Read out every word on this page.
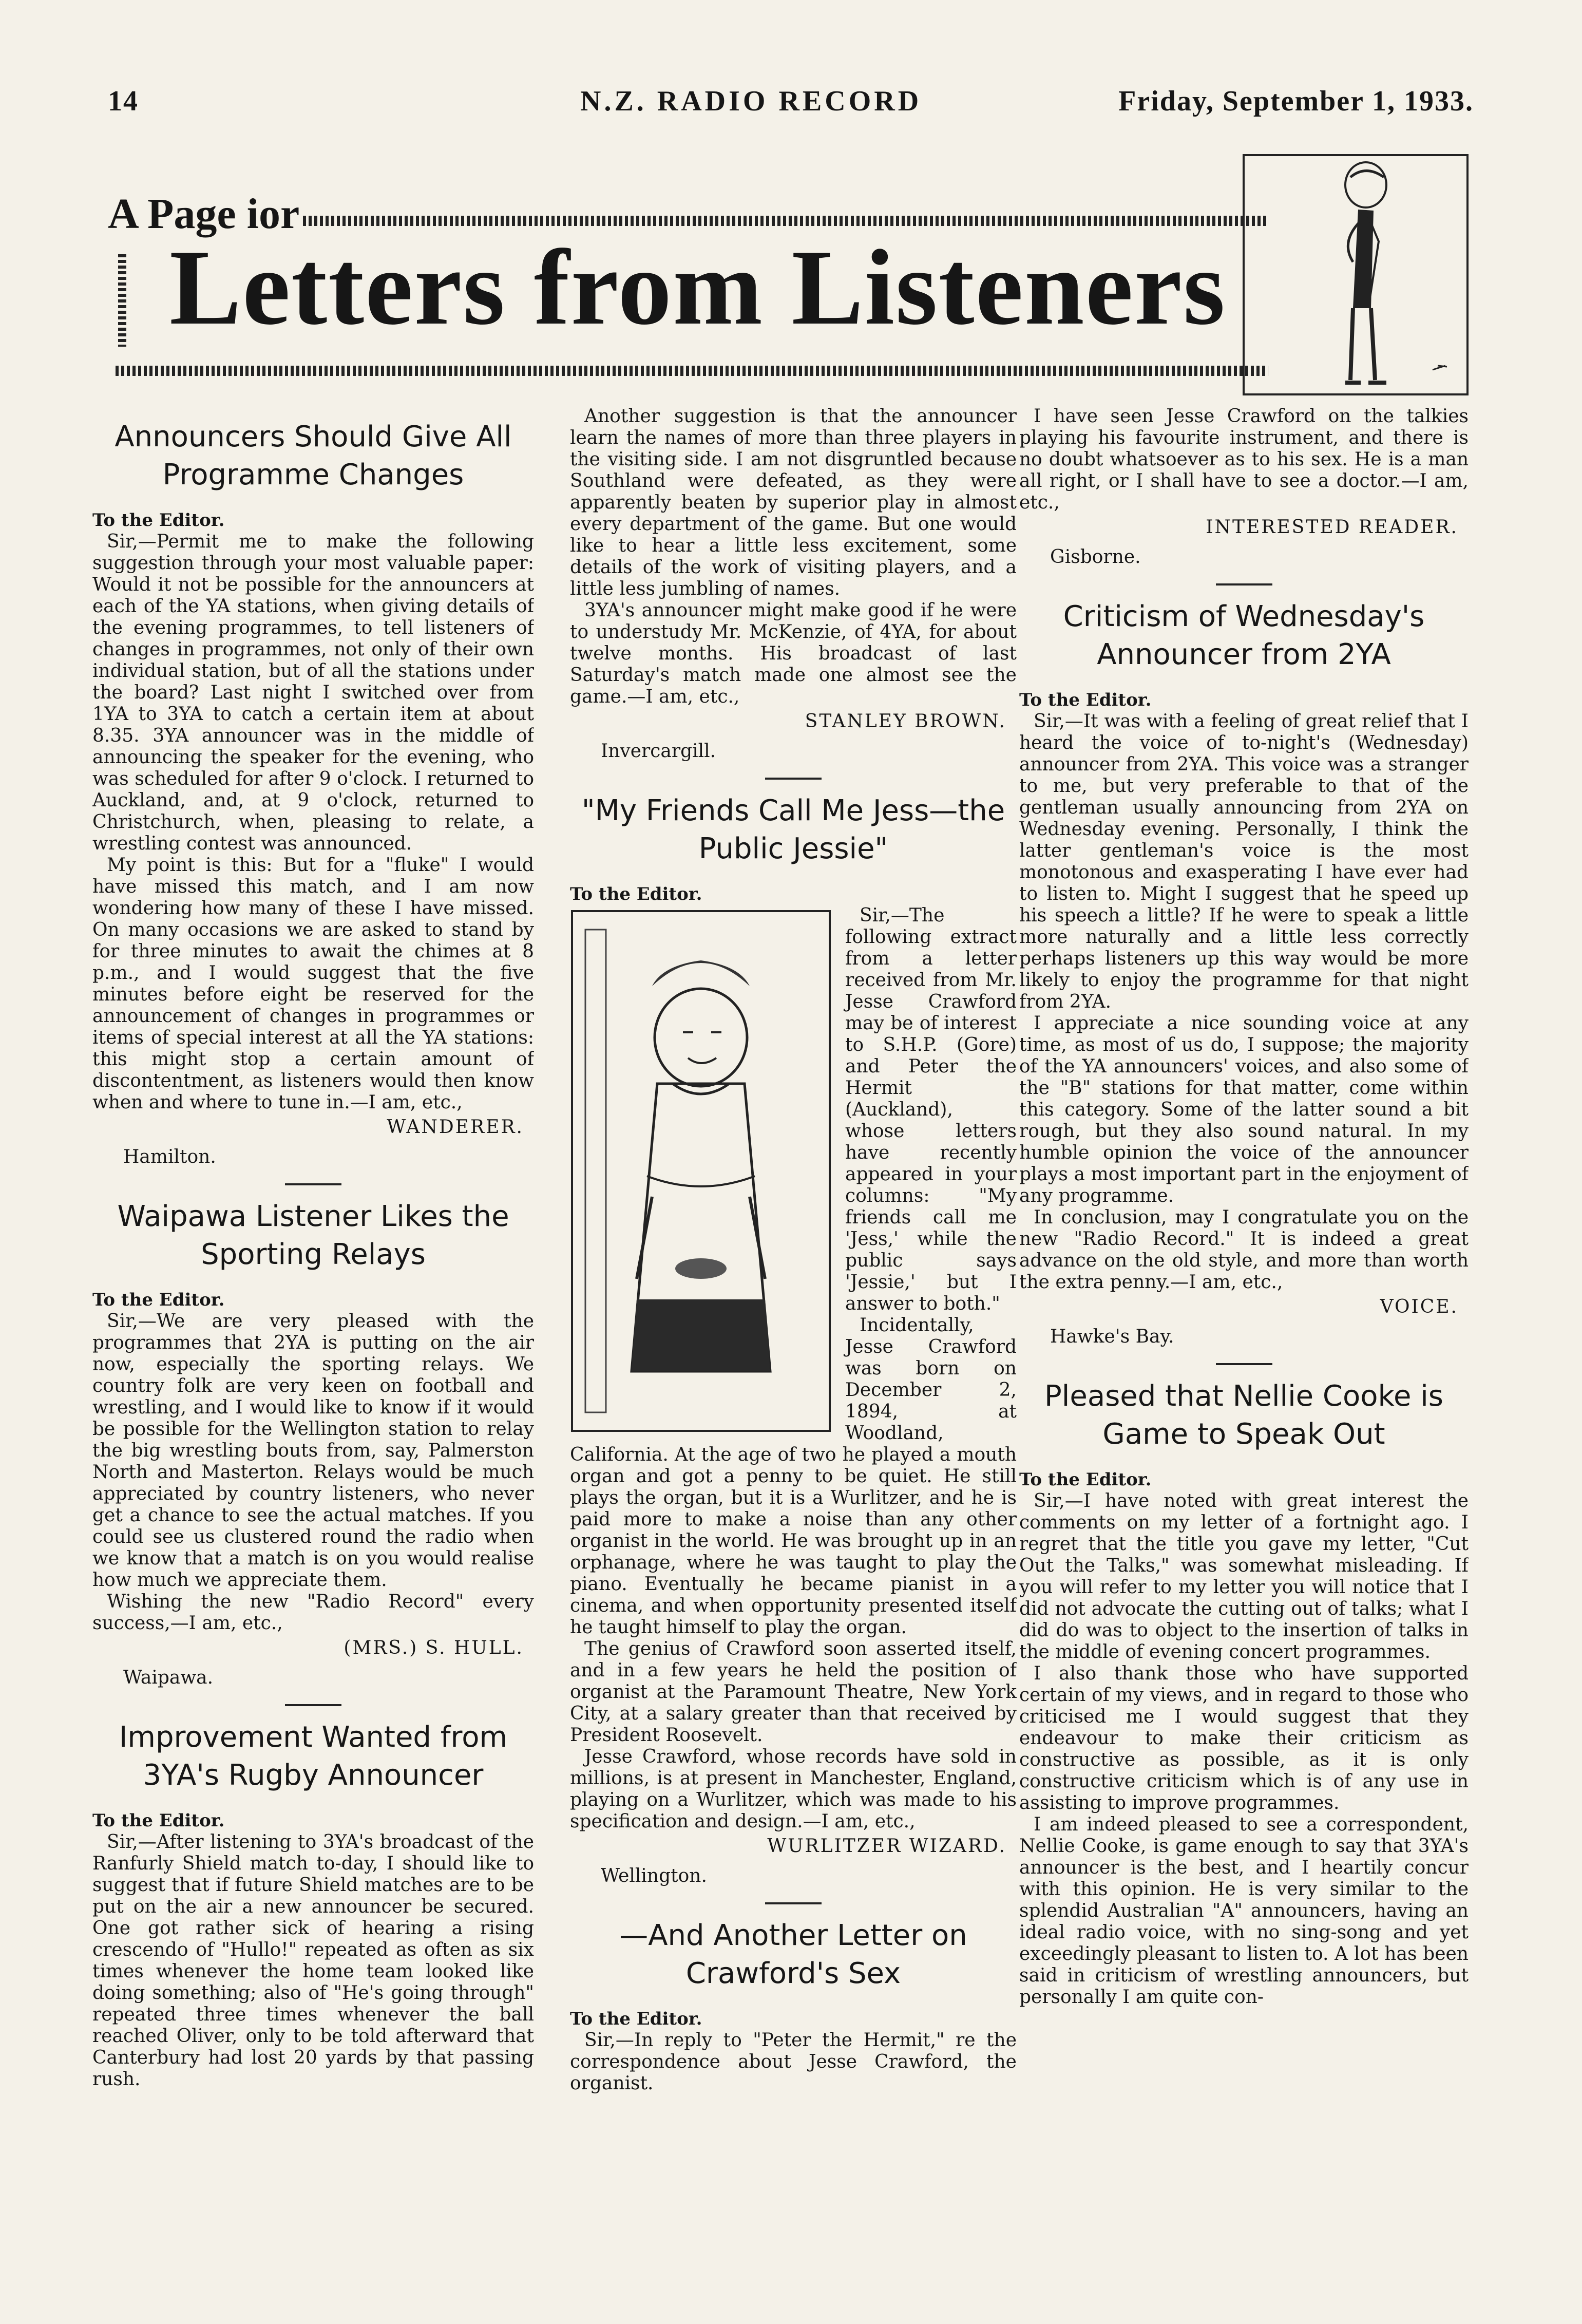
14	N.Z. RADIO RECORD	Friday, September 1, 1933.
A Page ior
Letters from Listeners
Announcers Should Give All Programme Changes

To the Editor.

Sir,—Permit me to make the following suggestion through your most valuable paper: Would it not be possible for the announcers at each of the YA stations, when giving details of the evening programmes, to tell listeners of changes in programmes, not only of their own individual station, but of all the stations under the board? Last night I switched over from 1YA to 3YA to catch a certain item at about 8.35. 3YA announcer was in the middle of announcing the speaker for the evening, who was scheduled for after 9 o'clock. I returned to Auckland, and, at 9 o'clock, returned to Christchurch, when, pleasing to relate, a wrestling contest was announced.

My point is this: But for a "fluke" I would have missed this match, and I am now wondering how many of these I have missed. On many occasions we are asked to stand by for three minutes to await the chimes at 8 p.m., and I would suggest that the five minutes before eight be reserved for the announcement of changes in programmes or items of special interest at all the YA stations: this might stop a certain amount of discontentment, as listeners would then know when and where to tune in.—I am, etc.,

WANDERER.
Hamilton.
Waipawa Listener Likes the Sporting Relays

To the Editor.

Sir,—We are very pleased with the programmes that 2YA is putting on the air now, especially the sporting relays. We country folk are very keen on football and wrestling, and I would like to know if it would be possible for the Wellington station to relay the big wrestling bouts from, say, Palmerston North and Masterton. Relays would be much appreciated by country listeners, who never get a chance to see the actual matches. If you could see us clustered round the radio when we know that a match is on you would realise how much we appreciate them.

Wishing the new "Radio Record" every success,—I am, etc.,

(MRS.) S. HULL.
Waipawa.
Improvement Wanted from 3YA's Rugby Announcer

To the Editor.

Sir,—After listening to 3YA's broadcast of the Ranfurly Shield match to-day, I should like to suggest that if future Shield matches are to be put on the air a new announcer be secured. One got rather sick of hearing a rising crescendo of "Hullo!" repeated as often as six times whenever the home team looked like doing something; also of "He's going through" repeated three times whenever the ball reached Oliver, only to be told afterward that Canterbury had lost 20 yards by that passing rush.

Another suggestion is that the announcer learn the names of more than three players in the visiting side. I am not disgruntled because Southland were defeated, as they were apparently beaten by superior play in almost every department of the game. But one would like to hear a little less excitement, some details of the work of visiting players, and a little less jumbling of names.

3YA's announcer might make good if he were to understudy Mr. McKenzie, of 4YA, for about twelve months. His broadcast of last Saturday's match made one almost see the game.—I am, etc.,

STANLEY BROWN.
Invercargill.
"My Friends Call Me Jess—the Public Jessie"

To the Editor.

Sir,—The following extract from a letter received from Mr. Jesse Crawford may be of interest to S.H.P. (Gore) and Peter the Hermit (Auckland), whose letters have recently appeared in your columns: "My friends call me 'Jess,' while the public says 'Jessie,' but I answer to both."

Incidentally, Jesse Crawford was born on December 2, 1894, at Woodland, California. At the age of two he played a mouth organ and got a penny to be quiet. He still plays the organ, but it is a Wurlitzer, and he is paid more to make a noise than any other organist in the world. He was brought up in an orphanage, where he was taught to play the piano. Eventually he became pianist in a cinema, and when opportunity presented itself he taught himself to play the organ.

The genius of Crawford soon asserted itself, and in a few years he held the position of organist at the Paramount Theatre, New York City, at a salary greater than that received by President Roosevelt.

Jesse Crawford, whose records have sold in millions, is at present in Manchester, England, playing on a Wurlitzer, which was made to his specification and design.—I am, etc.,

WURLITZER WIZARD.
Wellington.
—And Another Letter on Crawford's Sex

To the Editor.

Sir,—In reply to "Peter the Hermit," re the correspondence about Jesse Crawford, the organist.

I have seen Jesse Crawford on the talkies playing his favourite instrument, and there is no doubt whatsoever as to his sex. He is a man all right, or I shall have to see a doctor.—I am, etc.,

INTERESTED READER.
Gisborne.
Criticism of Wednesday's Announcer from 2YA

To the Editor.

Sir,—It was with a feeling of great relief that I heard the voice of to-night's (Wednesday) announcer from 2YA. This voice was a stranger to me, but very preferable to that of the gentleman usually announcing from 2YA on Wednesday evening. Personally, I think the latter gentleman's voice is the most monotonous and exasperating I have ever had to listen to. Might I suggest that he speed up his speech a little? If he were to speak a little more naturally and a little less correctly perhaps listeners up this way would be more likely to enjoy the programme for that night from 2YA.

I appreciate a nice sounding voice at any time, as most of us do, I suppose; the majority of the YA announcers' voices, and also some of the "B" stations for that matter, come within this category. Some of the latter sound a bit rough, but they also sound natural. In my humble opinion the voice of the announcer plays a most important part in the enjoyment of any programme.

In conclusion, may I congratulate you on the new "Radio Record." It is indeed a great advance on the old style, and more than worth the extra penny.—I am, etc.,

VOICE.
Hawke's Bay.
Pleased that Nellie Cooke is Game to Speak Out

To the Editor.

Sir,—I have noted with great interest the comments on my letter of a fortnight ago. I regret that the title you gave my letter, "Cut Out the Talks," was somewhat misleading. If you will refer to my letter you will notice that I did not advocate the cutting out of talks; what I did do was to object to the insertion of talks in the middle of evening concert programmes.

I also thank those who have supported certain of my views, and in regard to those who criticised me I would suggest that they endeavour to make their criticism as constructive as possible, as it is only constructive criticism which is of any use in assisting to improve programmes.

I am indeed pleased to see a correspondent, Nellie Cooke, is game enough to say that 3YA's announcer is the best, and I heartily concur with this opinion. He is very similar to the splendid Australian "A" announcers, having an ideal radio voice, with no sing-song and yet exceedingly pleasant to listen to. A lot has been said in criticism of wrestling announcers, but personally I am quite con-
